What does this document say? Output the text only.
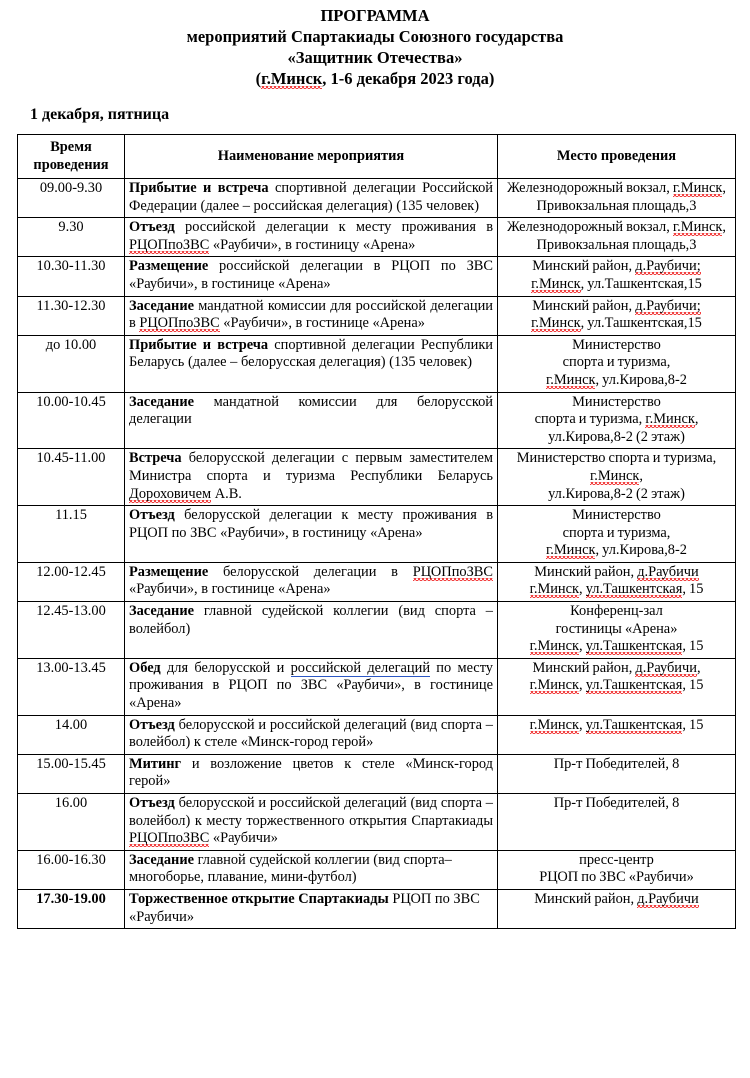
ПРОГРАММА
мероприятий Спартакиады Союзного государства
«Защитник Отечества»
(г.Минск, 1-6 декабря 2023 года)
1 декабря, пятница
Время проведения	Наименование мероприятия	Место проведения
09.00-9.30	Прибытие и встреча спортивной делегации Российской Федерации (далее – российская делегация) (135 человек)	Железнодорожный вокзал, г.Минск, Привокзальная площадь,3
9.30	Отъезд российской делегации к месту проживания в РЦОПпоЗВС «Раубичи», в гостиницу «Арена»	Железнодорожный вокзал, г.Минск, Привокзальная площадь,3
10.30-11.30	Размещение российской делегации в РЦОП по ЗВС «Раубичи», в гостинице «Арена»	Минский район, д.Раубичи;
г.Минск, ул.Ташкентская,15
11.30-12.30	Заседание мандатной комиссии для российской делегации в РЦОПпоЗВС «Раубичи», в гостинице «Арена»	Минский район, д.Раубичи;
г.Минск, ул.Ташкентская,15
до 10.00	Прибытие и встреча спортивной делегации Республики Беларусь (далее – белорусская делегация) (135 человек)	Министерство
спорта и туризма,
г.Минск, ул.Кирова,8-2
10.00-10.45	Заседание мандатной комиссии для белорусской делегации	Министерство
спорта и туризма, г.Минск,
ул.Кирова,8-2 (2 этаж)
10.45-11.00	Встреча белорусской делегации с первым заместителем Министра спорта и туризма Республики Беларусь Дороховичем А.В.	Министерство спорта и туризма, г.Минск,
ул.Кирова,8-2 (2 этаж)
11.15	Отъезд белорусской делегации к месту проживания в РЦОП по ЗВС «Раубичи», в гостиницу «Арена»	Министерство
спорта и туризма,
г.Минск, ул.Кирова,8-2
12.00-12.45	Размещение белорусской делегации в РЦОПпоЗВС «Раубичи», в гостинице «Арена»	Минский район, д.Раубичи
г.Минск, ул.Ташкентская, 15
12.45-13.00	Заседание главной судейской коллегии (вид спорта – волейбол)	Конференц-зал
гостиницы «Арена»
г.Минск, ул.Ташкентская, 15
13.00-13.45	Обед для белорусской и российской делегаций по месту проживания в РЦОП по ЗВС «Раубичи», в гостинице «Арена»	Минский район, д.Раубичи,
г.Минск, ул.Ташкентская, 15
14.00	Отъезд белорусской и российской делегаций (вид спорта – волейбол) к стеле «Минск-город герой»	г.Минск, ул.Ташкентская, 15
15.00-15.45	Митинг и возложение цветов к стеле «Минск-город герой»	Пр-т Победителей, 8
16.00	Отъезд белорусской и российской делегаций (вид спорта – волейбол) к месту торжественного открытия Спартакиады РЦОПпоЗВС «Раубичи»	Пр-т Победителей, 8
16.00-16.30	Заседание главной судейской коллегии (вид спорта–многоборье, плавание, мини-футбол)	пресс-центр
РЦОП по ЗВС «Раубичи»
17.30-19.00	Торжественное открытие Спартакиады РЦОП по ЗВС «Раубичи»	Минский район, д.Раубичи
